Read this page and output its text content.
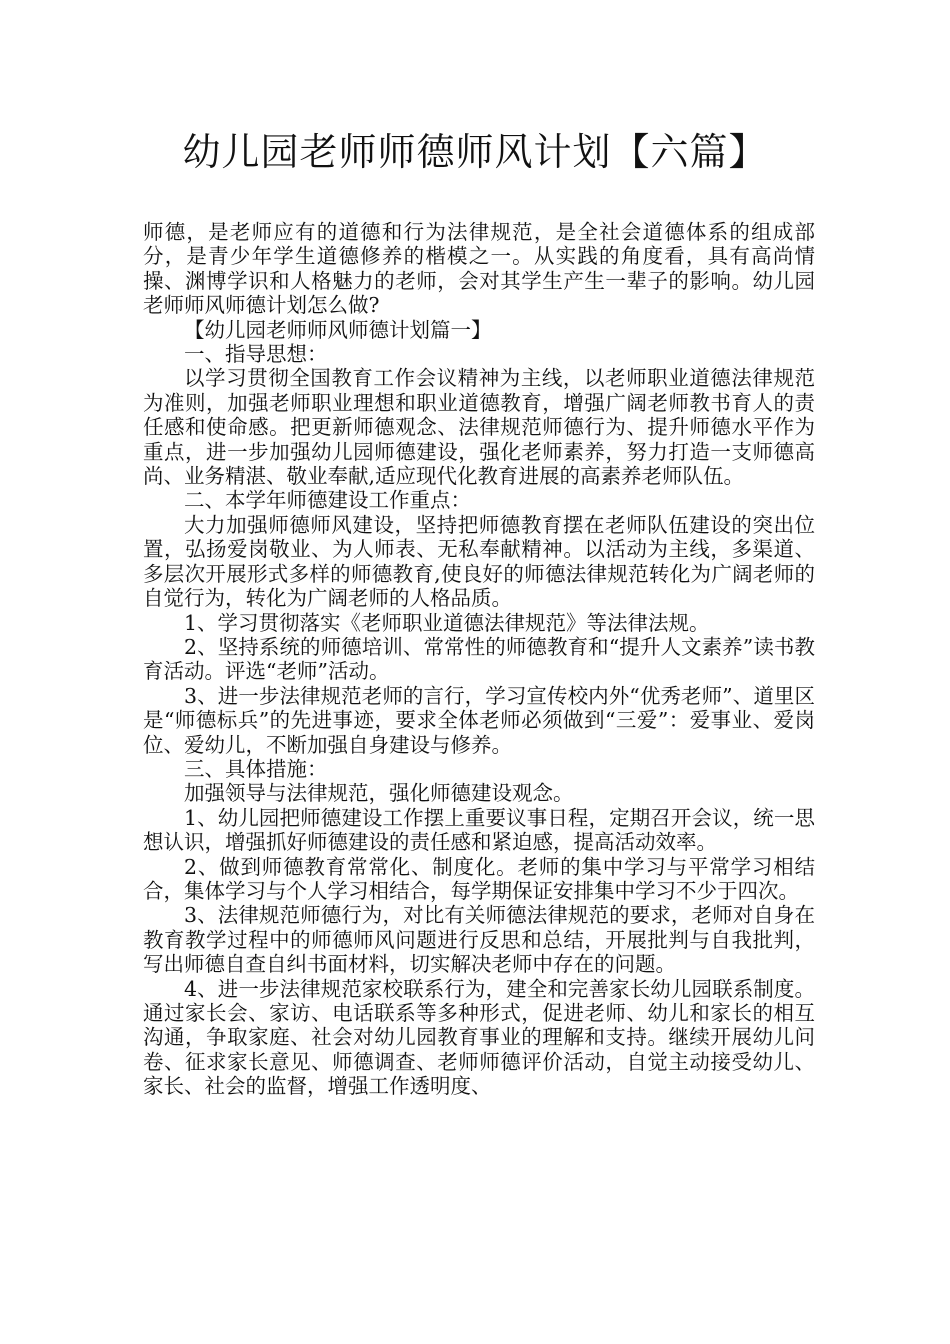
幼儿园老师师德师风计划【六篇】

师德，是老师应有的道德和行为法律规范，是全社会道德体系的组成部分，是青少年学生道德修养的楷模之一。从实践的角度看，具有高尚情操、渊博学识和人格魅力的老师，会对其学生产生一辈子的影响。幼儿园老师师风师德计划怎么做?

【幼儿园老师师风师德计划篇一】

一、指导思想：

以学习贯彻全国教育工作会议精神为主线，以老师职业道德法律规范为准则，加强老师职业理想和职业道德教育，增强广阔老师教书育人的责任感和使命感。把更新师德观念、法律规范师德行为、提升师德水平作为重点，进一步加强幼儿园师德建设，强化老师素养，努力打造一支师德高尚、业务精湛、敬业奉献,适应现代化教育进展的高素养老师队伍。

二、本学年师德建设工作重点：

大力加强师德师风建设，坚持把师德教育摆在老师队伍建设的突出位置，弘扬爱岗敬业、为人师表、无私奉献精神。以活动为主线，多渠道、多层次开展形式多样的师德教育,使良好的师德法律规范转化为广阔老师的自觉行为，转化为广阔老师的人格品质。

1、学习贯彻落实《老师职业道德法律规范》等法律法规。

2、坚持系统的师德培训、常常性的师德教育和“提升人文素养”读书教育活动。评选“老师”活动。

3、进一步法律规范老师的言行，学习宣传校内外“优秀老师”、道里区是“师德标兵”的先进事迹，要求全体老师必须做到“三爱”：爱事业、爱岗位、爱幼儿，不断加强自身建设与修养。

三、具体措施：

加强领导与法律规范，强化师德建设观念。

1、幼儿园把师德建设工作摆上重要议事日程，定期召开会议，统一思想认识，增强抓好师德建设的责任感和紧迫感，提高活动效率。

2、做到师德教育常常化、制度化。老师的集中学习与平常学习相结合，集体学习与个人学习相结合，每学期保证安排集中学习不少于四次。

3、法律规范师德行为，对比有关师德法律规范的要求，老师对自身在教育教学过程中的师德师风问题进行反思和总结，开展批判与自我批判，写出师德自查自纠书面材料，切实解决老师中存在的问题。

4、进一步法律规范家校联系行为，建全和完善家长幼儿园联系制度。通过家长会、家访、电话联系等多种形式，促进老师、幼儿和家长的相互沟通，争取家庭、社会对幼儿园教育事业的理解和支持。继续开展幼儿问卷、征求家长意见、师德调查、老师师德评价活动，自觉主动接受幼儿、家长、社会的监督，增强工作透明度、
